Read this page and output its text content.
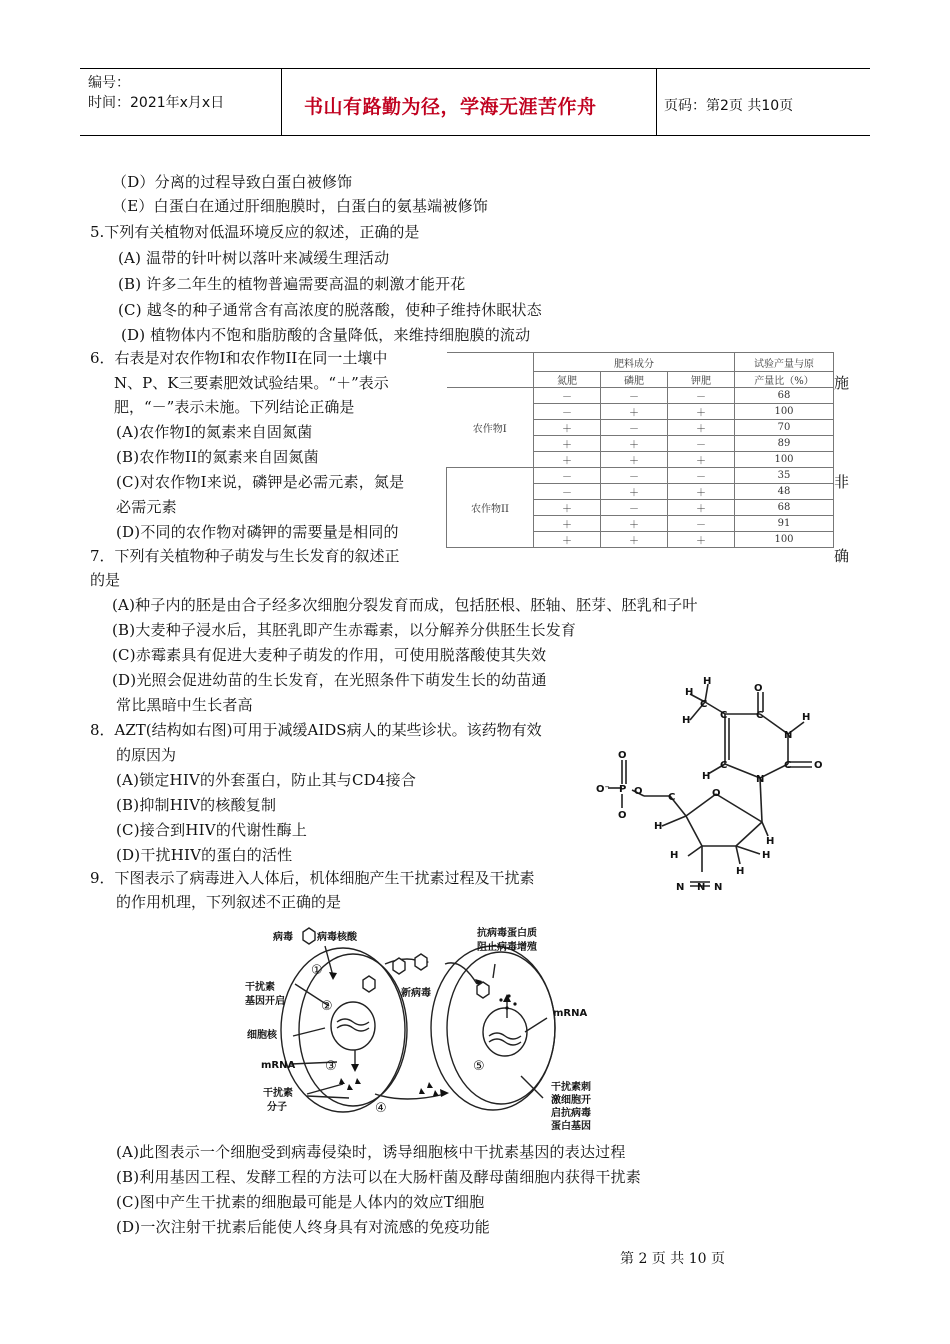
编号：
时间：2021年x月x日	书山有路勤为径，学海无涯苦作舟	页码：第2页 共10页
（D）分离的过程导致白蛋白被修饰
（E）白蛋白在通过肝细胞膜时，白蛋白的氨基端被修饰
5.下列有关植物对低温环境反应的叙述，正确的是
(A) 温带的针叶树以落叶来减缓生理活动
(B) 许多二年生的植物普遍需要高温的刺激才能开花
(C) 越冬的种子通常含有高浓度的脱落酸，使种子维持休眠状态
(D) 植物体内不饱和脂肪酸的含量降低，来维持细胞膜的流动
6．右表是对农作物Ⅰ和农作物II在同一土壤中
N、P、K三要素肥效试验结果。“＋”表示	施
肥，“－”表示未施。下列结论正确是
(A)农作物Ⅰ的氮素来自固氮菌
(B)农作物II的氮素来自固氮菌
(C)对农作物Ⅰ来说，磷钾是必需元素，氮是	非
必需元素
(D)不同的农作物对磷钾的需要量是相同的
	肥料成分			试验产量与原
	氮肥	磷肥	钾肥	产量比（%）
农作物Ⅰ	－	－	－	68
	－	＋	＋	100
	＋	－	＋	70
	＋	＋	－	89
	＋	＋	＋	100
农作物II	－	－	－	35
	－	＋	＋	48
	＋	－	＋	68
	＋	＋	－	91
	＋	＋	＋	100
7．下列有关植物种子萌发与生长发育的叙述正	确
的是
(A)种子内的胚是由合子经多次细胞分裂发育而成，包括胚根、胚轴、胚芽、胚乳和子叶
(B)大麦种子浸水后，其胚乳即产生赤霉素，以分解养分供胚生长发育
(C)赤霉素具有促进大麦种子萌发的作用，可使用脱落酸使其失效
(D)光照会促进幼苗的生长发育，在光照条件下萌发生长的幼苗通
常比黑暗中生长者高
8．AZT(结构如右图)可用于减缓AIDS病人的某些诊状。该药物有效
的原因为
(A)锁定HIV的外套蛋白，防止其与CD4接合
(B)抑制HIV的核酸复制
(C)接合到HIV的代谢性酶上
(D)干扰HIV的蛋白的活性
H
H
H
C
O
C
C
N
H
C O
C
H	N
O
O⁻ P
O
O
C	O
H
H	H
H
H
N N N
9．下图表示了病毒进入人体后，机体细胞产生干扰素过程及干扰素
的作用机理，下列叙述不正确的是
病毒 病毒核酸	抗病毒蛋白质
阻止病毒增殖
干扰素
基因开启
新病毒
细胞核
mRNA
mRNA
干扰素
分子
干扰素刺
激细胞开
启抗病毒
蛋白基因
①
②
③
④
⑤
(A)此图表示一个细胞受到病毒侵染时，诱导细胞核中干扰素基因的表达过程
(B)利用基因工程、发酵工程的方法可以在大肠杆菌及酵母菌细胞内获得干扰素
(C)图中产生干扰素的细胞最可能是人体内的效应T细胞
(D)一次注射干扰素后能使人终身具有对流感的免疫功能
第 2 页 共 10 页
